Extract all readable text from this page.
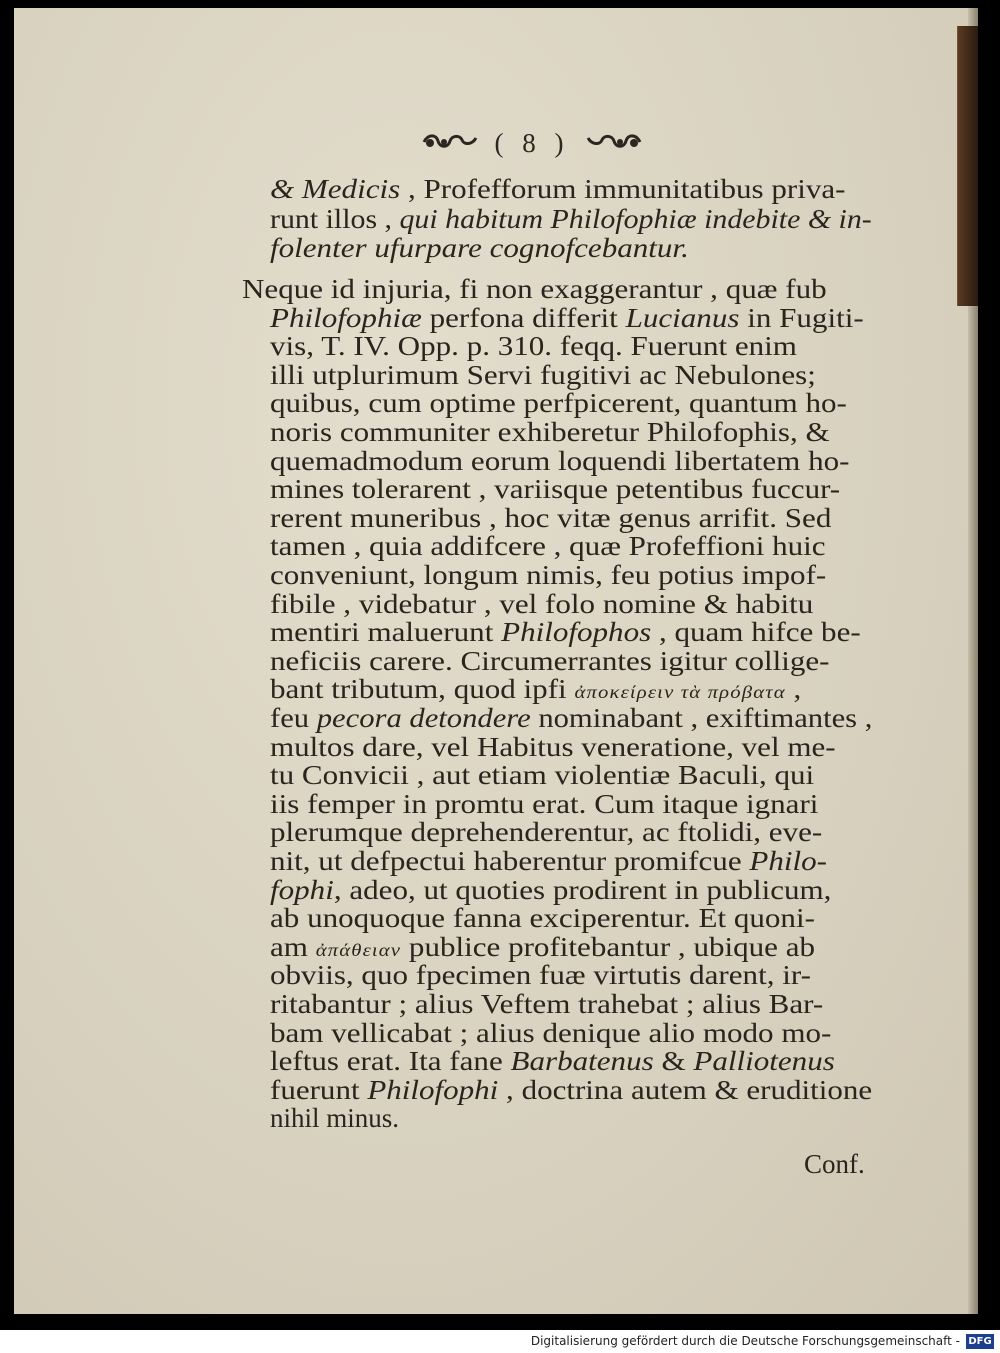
( 8 )
& Medicis , Profefforum immunitatibus priva-
runt illos , qui habitum Philofophiæ indebite & in-
folenter ufurpare cognofcebantur.
Neque id injuria, fi non exaggerantur , quæ fub
Philofophiæ perfona differit Lucianus in Fugiti-
vis, T. IV. Opp. p. 310. feqq. Fuerunt enim
illi utplurimum Servi fugitivi ac Nebulones;
quibus, cum optime perfpicerent, quantum ho-
noris communiter exhiberetur Philofophis, &
quemadmodum eorum loquendi libertatem ho-
mines tolerarent , variisque petentibus fuccur-
rerent muneribus , hoc vitæ genus arrifit. Sed
tamen , quia addifcere , quæ Profeffioni huic
conveniunt, longum nimis, feu potius impof-
fibile , videbatur , vel folo nomine & habitu
mentiri maluerunt Philofophos , quam hifce be-
neficiis carere. Circumerrantes igitur collige-
bant tributum, quod ipfi ἀποκείρειν τὰ πρόβατα ,
feu pecora detondere nominabant , exiftimantes ,
multos dare, vel Habitus veneratione, vel me-
tu Convicii , aut etiam violentiæ Baculi, qui
iis femper in promtu erat. Cum itaque ignari
plerumque deprehenderentur, ac ftolidi, eve-
nit, ut defpectui haberentur promifcue Philo-
fophi, adeo, ut quoties prodirent in publicum,
ab unoquoque fanna exciperentur. Et quoni-
am ἀπάθειαν publice profitebantur , ubique ab
obviis, quo fpecimen fuæ virtutis darent, ir-
ritabantur ; alius Veftem trahebat ; alius Bar-
bam vellicabat ; alius denique alio modo mo-
leftus erat. Ita fane Barbatenus & Palliotenus
fuerunt Philofophi , doctrina autem & eruditione
nihil minus.
Conf.
Digitalisierung gefördert durch die Deutsche Forschungsgemeinschaft - DFG
